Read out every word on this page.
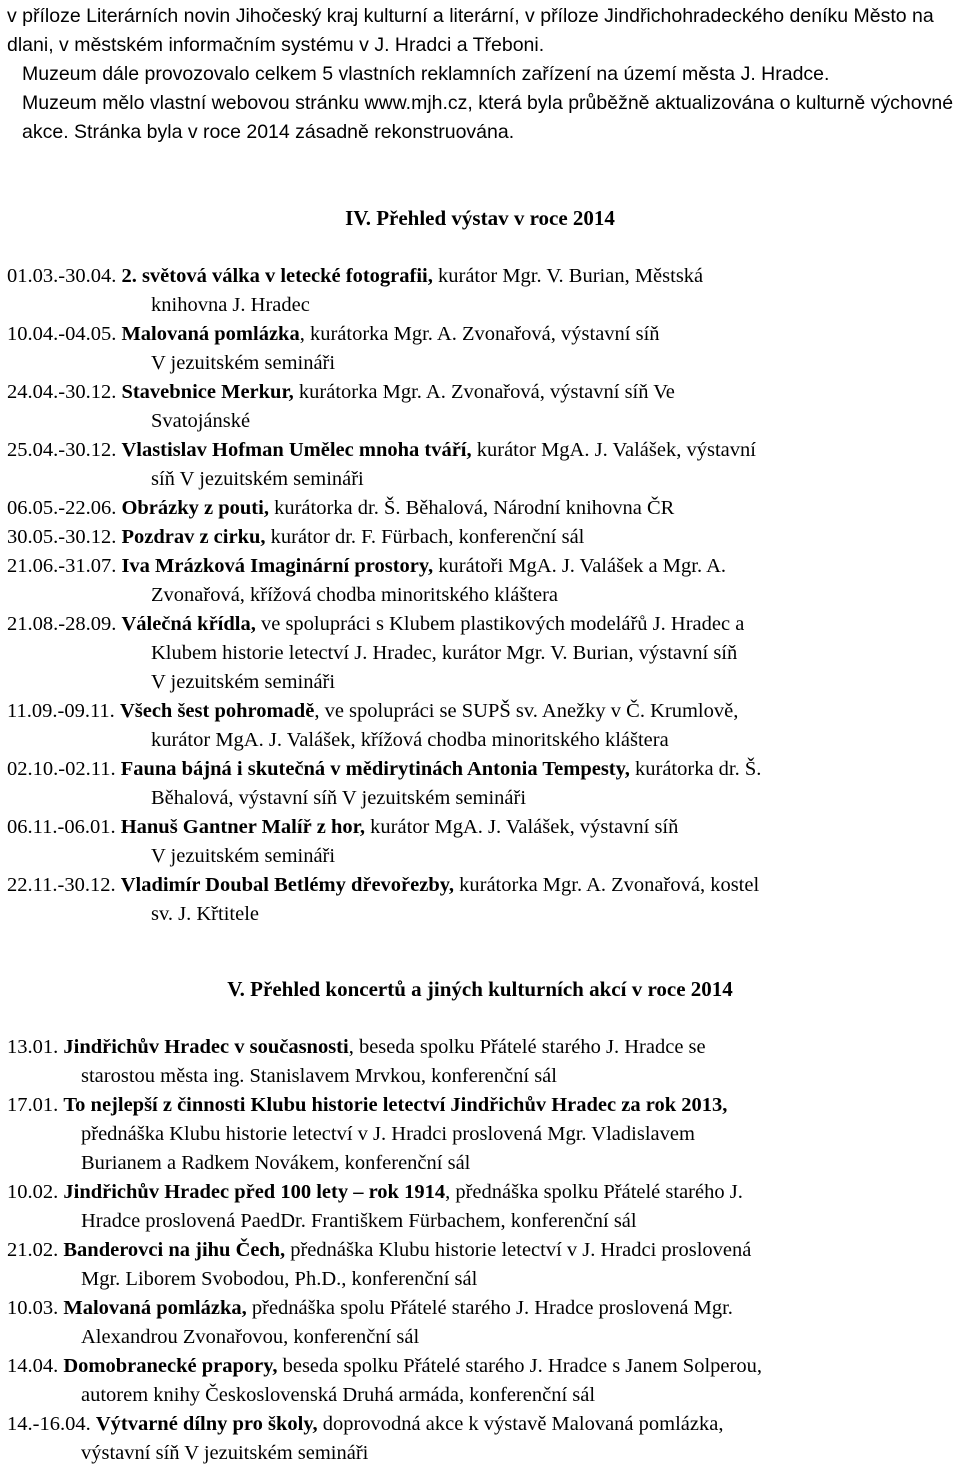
v příloze Literárních novin Jihočeský kraj kulturní a literární, v příloze Jindřichohradeckého deníku Město na dlani, v městském informačním systému v J. Hradci a Třeboni.

Muzeum dále provozovalo celkem 5 vlastních reklamních zařízení na území města J. Hradce.

Muzeum mělo vlastní webovou stránku www.mjh.cz, která byla průběžně aktualizována o kulturně výchovné akce. Stránka byla v roce 2014 zásadně rekonstruována.

IV. Přehled výstav v roce 2014
01.03.-30.04. 2. světová válka v letecké fotografii, kurátor Mgr. V. Burian, Městská
knihovna J. Hradec
10.04.-04.05. Malovaná pomlázka, kurátorka Mgr. A. Zvonařová, výstavní síň
V jezuitském semináři
24.04.-30.12. Stavebnice Merkur, kurátorka Mgr. A. Zvonařová, výstavní síň Ve
Svatojánské
25.04.-30.12. Vlastislav Hofman Umělec mnoha tváří, kurátor MgA. J. Valášek, výstavní
síň V jezuitském semináři
06.05.-22.06. Obrázky z pouti, kurátorka dr. Š. Běhalová, Národní knihovna ČR
30.05.-30.12. Pozdrav z cirku, kurátor dr. F. Fürbach, konferenční sál
21.06.-31.07. Iva Mrázková Imaginární prostory, kurátoři MgA. J. Valášek a Mgr. A.
Zvonařová, křížová chodba minoritského kláštera
21.08.-28.09. Válečná křídla, ve spolupráci s Klubem plastikových modelářů J. Hradec a
Klubem historie letectví J. Hradec, kurátor Mgr. V. Burian, výstavní síň
V jezuitském semináři
11.09.-09.11. Všech šest pohromadě, ve spolupráci se SUPŠ sv. Anežky v Č. Krumlově,
kurátor MgA. J. Valášek, křížová chodba minoritského kláštera
02.10.-02.11. Fauna bájná i skutečná v mědirytinách Antonia Tempesty, kurátorka dr. Š.
Běhalová, výstavní síň V jezuitském semináři
06.11.-06.01. Hanuš Gantner Malíř z hor, kurátor MgA. J. Valášek, výstavní síň
V jezuitském semináři
22.11.-30.12. Vladimír Doubal Betlémy dřevořezby, kurátorka Mgr. A. Zvonařová, kostel
sv. J. Křtitele
V. Přehled koncertů a jiných kulturních akcí v roce 2014
13.01. Jindřichův Hradec v současnosti, beseda spolku Přátelé starého J. Hradce se
starostou města ing. Stanislavem Mrvkou, konferenční sál
17.01. To nejlepší z činnosti Klubu historie letectví Jindřichův Hradec za rok 2013,
přednáška Klubu historie letectví v J. Hradci proslovená Mgr. Vladislavem
Burianem a Radkem Novákem, konferenční sál
10.02. Jindřichův Hradec před 100 lety – rok 1914, přednáška spolku Přátelé starého J.
Hradce proslovená PaedDr. Františkem Fürbachem, konferenční sál
21.02. Banderovci na jihu Čech, přednáška Klubu historie letectví v J. Hradci proslovená
Mgr. Liborem Svobodou, Ph.D., konferenční sál
10.03. Malovaná pomlázka, přednáška spolu Přátelé starého J. Hradce proslovená Mgr.
Alexandrou Zvonařovou, konferenční sál
14.04. Domobranecké prapory, beseda spolku Přátelé starého J. Hradce s Janem Solperou,
autorem knihy Československá Druhá armáda, konferenční sál
14.-16.04. Výtvarné dílny pro školy, doprovodná akce k výstavě Malovaná pomlázka,
výstavní síň V jezuitském semináři
